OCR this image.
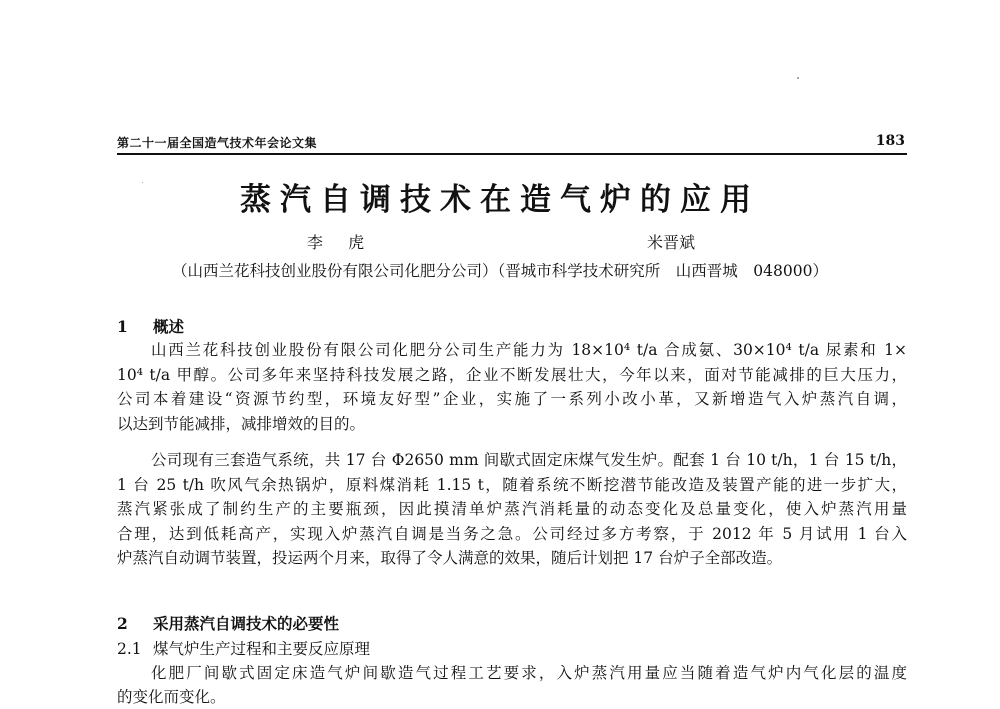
第二十一届全国造气技术年会论文集	183
蒸汽自调技术在造气炉的应用
李 虎	米晋斌
（山西兰花科技创业股份有限公司化肥分公司）（晋城市科学技术研究所　山西晋城　048000）
1 概述
山西兰花科技创业股份有限公司化肥分公司生产能力为 18×10⁴ t/a 合成氨、30×10⁴ t/a 尿素和 1×
10⁴ t/a 甲醇。公司多年来坚持科技发展之路，企业不断发展壮大，今年以来，面对节能减排的巨大压力，
公司本着建设“资源节约型，环境友好型”企业，实施了一系列小改小革，又新增造气入炉蒸汽自调，
以达到节能减排，减排增效的目的。
公司现有三套造气系统，共 17 台 Φ2650 mm 间歇式固定床煤气发生炉。配套 1 台 10 t/h，1 台 15 t/h，
1 台 25 t/h 吹风气余热锅炉，原料煤消耗 1.15 t，随着系统不断挖潜节能改造及装置产能的进一步扩大，
蒸汽紧张成了制约生产的主要瓶颈，因此摸清单炉蒸汽消耗量的动态变化及总量变化，使入炉蒸汽用量
合理，达到低耗高产，实现入炉蒸汽自调是当务之急。公司经过多方考察，于 2012 年 5 月试用 1 台入
炉蒸汽自动调节装置，投运两个月来，取得了令人满意的效果，随后计划把 17 台炉子全部改造。
2 采用蒸汽自调技术的必要性
2.1 煤气炉生产过程和主要反应原理
化肥厂间歇式固定床造气炉间歇造气过程工艺要求，入炉蒸汽用量应当随着造气炉内气化层的温度
的变化而变化。
